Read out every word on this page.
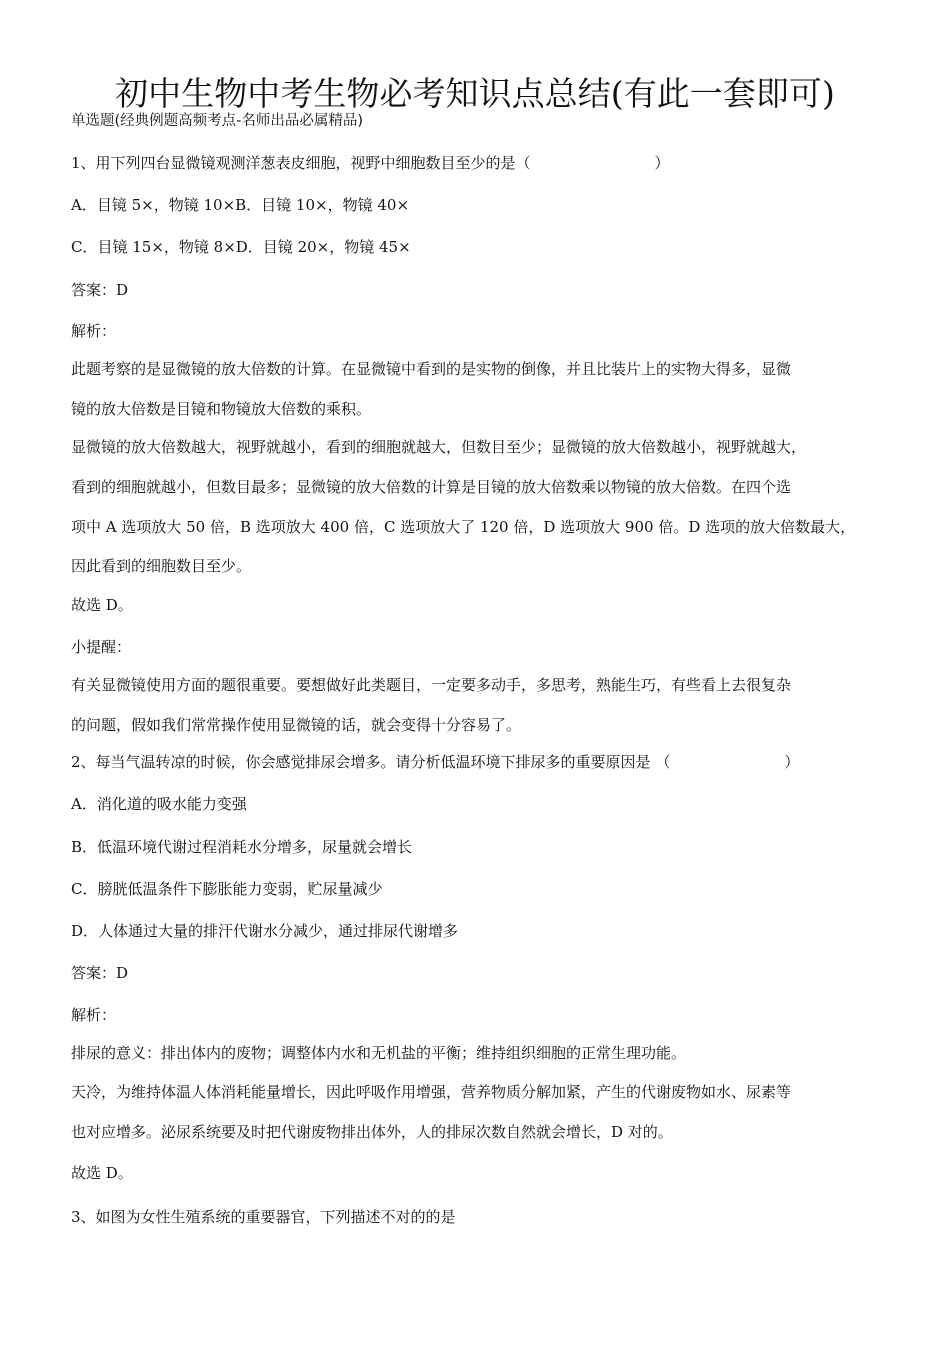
初中生物中考生物必考知识点总结(有此一套即可)
单选题(经典例题高频考点-名师出品必属精品)
1、用下列四台显微镜观测洋葱表皮细胞，视野中细胞数目至少的是（	）
A．目镜 5×，物镜 10×B．目镜 10×，物镜 40×
C．目镜 15×，物镜 8×D．目镜 20×，物镜 45×
答案：D
解析：
此题考察的是显微镜的放大倍数的计算。在显微镜中看到的是实物的倒像，并且比装片上的实物大得多，显微
镜的放大倍数是目镜和物镜放大倍数的乘积。
显微镜的放大倍数越大，视野就越小，看到的细胞就越大，但数目至少；显微镜的放大倍数越小，视野就越大，
看到的细胞就越小，但数目最多；显微镜的放大倍数的计算是目镜的放大倍数乘以物镜的放大倍数。在四个选
项中 A 选项放大 50 倍，B 选项放大 400 倍，C 选项放大了 120 倍，D 选项放大 900 倍。D 选项的放大倍数最大，
因此看到的细胞数目至少。
故选 D。
小提醒：
有关显微镜使用方面的题很重要。要想做好此类题目，一定要多动手，多思考，熟能生巧，有些看上去很复杂
的问题，假如我们常常操作使用显微镜的话，就会变得十分容易了。
2、每当气温转凉的时候，你会感觉排尿会增多。请分析低温环境下排尿多的重要原因是 （	）
A．消化道的吸水能力变强
B．低温环境代谢过程消耗水分增多，尿量就会增长
C．膀胱低温条件下膨胀能力变弱，贮尿量减少
D．人体通过大量的排汗代谢水分减少，通过排尿代谢增多
答案：D
解析：
排尿的意义：排出体内的废物；调整体内水和无机盐的平衡；维持组织细胞的正常生理功能。
天冷，为维持体温人体消耗能量增长，因此呼吸作用增强，营养物质分解加紧，产生的代谢废物如水、尿素等
也对应增多。泌尿系统要及时把代谢废物排出体外，人的排尿次数自然就会增长，D 对的。
故选 D。
3、如图为女性生殖系统的重要器官，下列描述不对的的是
